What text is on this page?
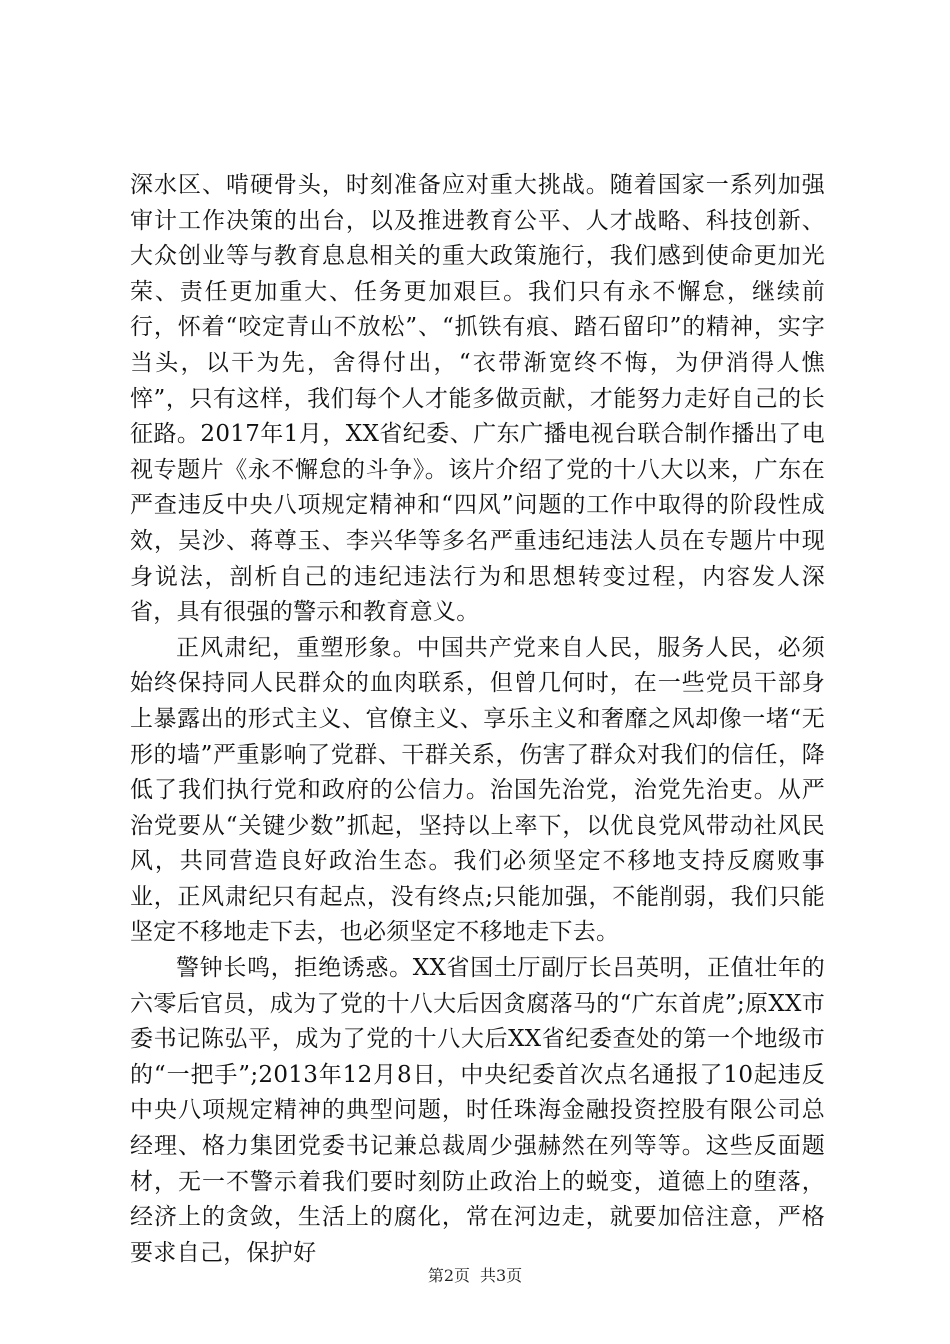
深水区、啃硬骨头，时刻准备应对重大挑战。随着国家一系列加强审计工作决策的出台，以及推进教育公平、人才战略、科技创新、大众创业等与教育息息相关的重大政策施行，我们感到使命更加光荣、责任更加重大、任务更加艰巨。我们只有永不懈怠，继续前行，怀着“咬定青山不放松”、“抓铁有痕、踏石留印”的精神，实字当头，以干为先，舍得付出，“衣带渐宽终不悔，为伊消得人憔悴”，只有这样，我们每个人才能多做贡献，才能努力走好自己的长征路。2017年1月，XX省纪委、广东广播电视台联合制作播出了电视专题片《永不懈怠的斗争》。该片介绍了党的十八大以来，广东在严查违反中央八项规定精神和“四风”问题的工作中取得的阶段性成效，吴沙、蒋尊玉、李兴华等多名严重违纪违法人员在专题片中现身说法，剖析自己的违纪违法行为和思想转变过程，内容发人深省，具有很强的警示和教育意义。

正风肃纪，重塑形象。中国共产党来自人民，服务人民，必须始终保持同人民群众的血肉联系，但曾几何时，在一些党员干部身上暴露出的形式主义、官僚主义、享乐主义和奢靡之风却像一堵“无形的墙”严重影响了党群、干群关系，伤害了群众对我们的信任，降低了我们执行党和政府的公信力。治国先治党，治党先治吏。从严治党要从“关键少数”抓起，坚持以上率下，以优良党风带动社风民风，共同营造良好政治生态。我们必须坚定不移地支持反腐败事业，正风肃纪只有起点，没有终点;只能加强，不能削弱，我们只能坚定不移地走下去，也必须坚定不移地走下去。

警钟长鸣，拒绝诱惑。XX省国土厅副厅长吕英明，正值壮年的六零后官员，成为了党的十八大后因贪腐落马的“广东首虎”;原XX市委书记陈弘平，成为了党的十八大后XX省纪委查处的第一个地级市的“一把手”;2013年12月8日，中央纪委首次点名通报了10起违反中央八项规定精神的典型问题，时任珠海金融投资控股有限公司总经理、格力集团党委书记兼总裁周少强赫然在列等等。这些反面题材，无一不警示着我们要时刻防止政治上的蜕变，道德上的堕落，经济上的贪敛，生活上的腐化，常在河边走，就要加倍注意，严格要求自己，保护好

第2页 共3页
